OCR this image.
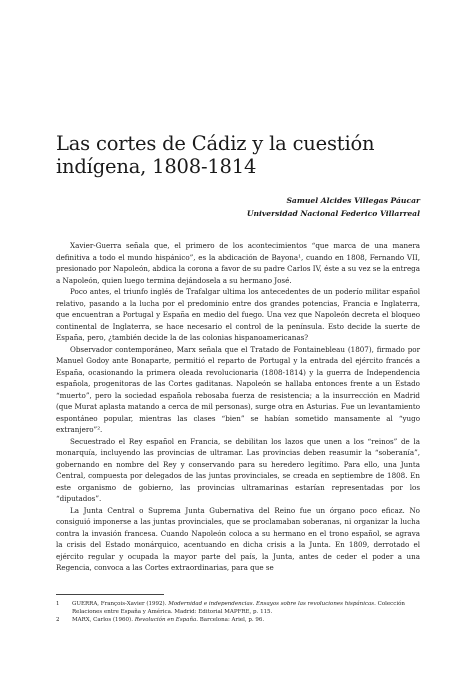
Las cortes de Cádiz y la cuestión
indígena, 1808-1814
Samuel Alcides Villegas Páucar
Universidad Nacional Federico Villarreal

Xavier-Guerra señala que, el primero de los acontecimientos “que marca de una manera definitiva a todo el mundo hispánico”, es la abdicación de Bayona¹, cuando en 1808, Fernando VII, presionado por Napoleón, abdica la corona a favor de su padre Carlos IV, éste a su vez se la entrega a Napoleón, quien luego termina dejándosela a su hermano José.

Poco antes, el triunfo inglés de Trafalgar ultima los antecedentes de un poderío militar español relativo, pasando a la lucha por el predominio entre dos grandes potencias, Francia e Inglaterra, que encuentran a Portugal y España en medio del fuego. Una vez que Napoleón decreta el bloqueo continental de Inglaterra, se hace necesario el control de la península. Esto decide la suerte de España, pero, ¿también decide la de las colonias hispanoamericanas?

Observador contemporáneo, Marx señala que el Tratado de Fontainebleau (1807), firmado por Manuel Godoy ante Bonaparte, permitió el reparto de Portugal y la entrada del ejército francés a España, ocasionando la primera oleada revolucionaria (1808-1814) y la guerra de Independencia española, progenitoras de las Cortes gaditanas. Napoleón se hallaba entonces frente a un Estado “muerto”, pero la sociedad española rebosaba fuerza de resistencia; a la insurrección en Madrid (que Murat aplasta matando a cerca de mil personas), surge otra en Asturias. Fue un levantamiento espontáneo popular, mientras las clases “bien” se habían sometido mansamente al “yugo extranjero”².

Secuestrado el Rey español en Francia, se debilitan los lazos que unen a los “reinos” de la monarquía, incluyendo las provincias de ultramar. Las provincias deben reasumir la “soberanía”, gobernando en nombre del Rey y conservando para su heredero legítimo. Para ello, una Junta Central, compuesta por delegados de las juntas provinciales, se creada en septiembre de 1808. En este organismo de gobierno, las provincias ultramarinas estarían representadas por los “diputados”.

La Junta Central o Suprema Junta Gubernativa del Reino fue un órgano poco eficaz. No consiguió imponerse a las juntas provinciales, que se proclamaban soberanas, ni organizar la lucha contra la invasión francesa. Cuando Napoleón coloca a su hermano en el trono español, se agrava la crisis del Estado monárquico, acentuando en dicha crisis a la Junta. En 1809, derrotado el ejército regular y ocupada la mayor parte del país, la Junta, antes de ceder el poder a una Regencia, convoca a las Cortes extraordinarias, para que se

1	GUERRA, François-Xavier (1992). Modernidad e independencias. Ensayos sobre las revoluciones hispánicas. Colección Relaciones entre España y América. Madrid: Editorial MAPFRE, p. 115.
2	MARX, Carlos (1960). Revolución en España. Barcelona: Ariel, p. 96.
